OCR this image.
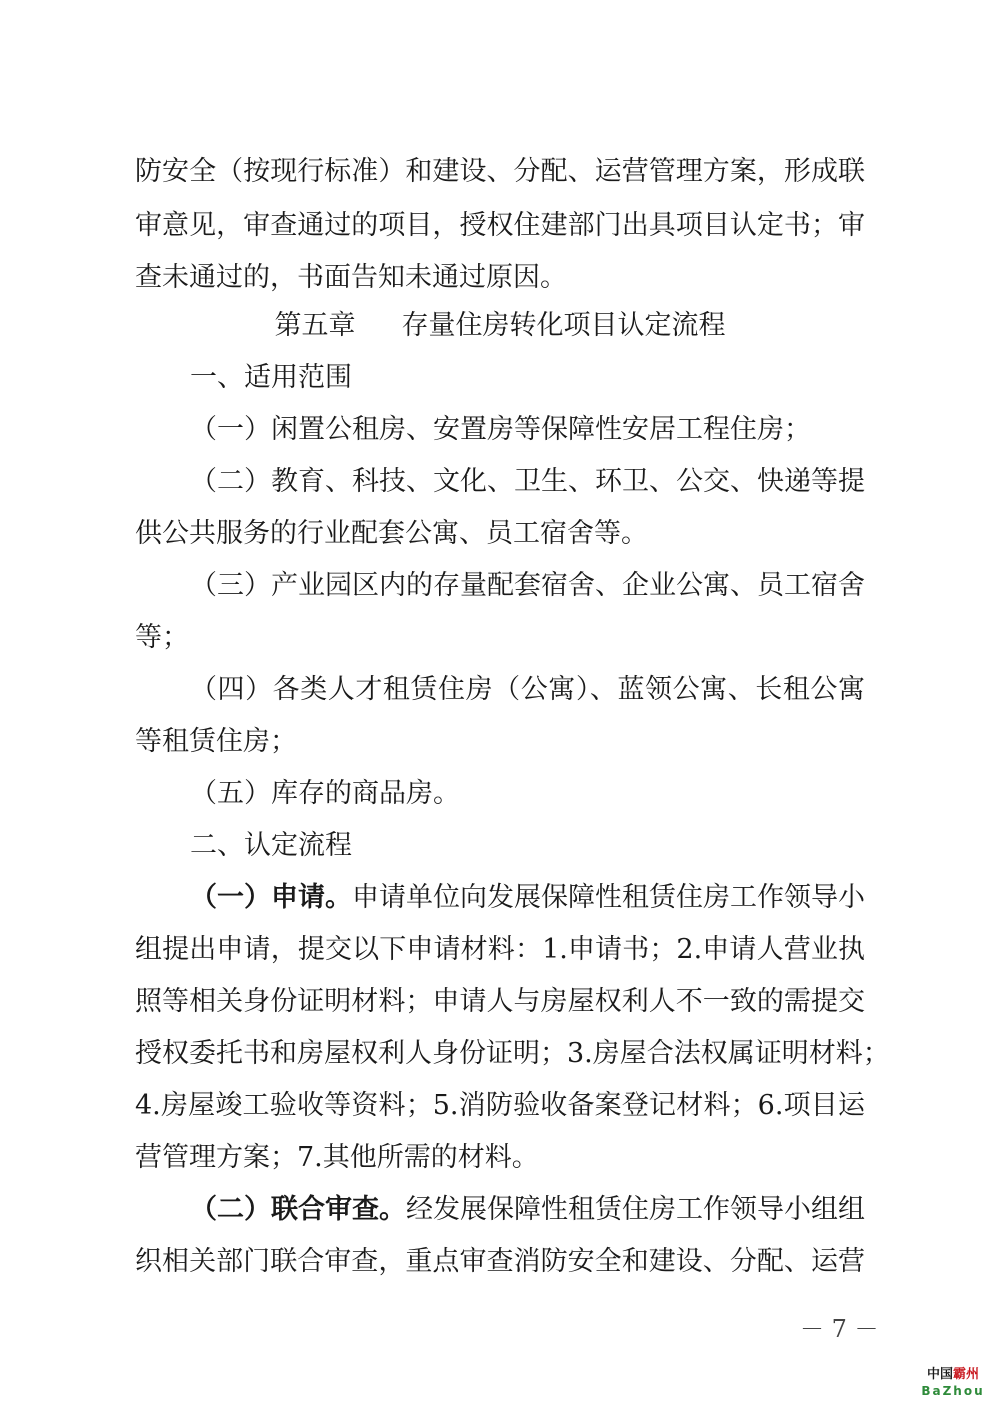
防安全（按现行标准）和建设、分配、运营管理方案，形成联
审意见，审查通过的项目，授权住建部门出具项目认定书；审
查未通过的，书面告知未通过原因。
第五章 存量住房转化项目认定流程
一、适用范围
（一）闲置公租房、安置房等保障性安居工程住房；
（二）教育、科技、文化、卫生、环卫、公交、快递等提
供公共服务的行业配套公寓、员工宿舍等。
（三）产业园区内的存量配套宿舍、企业公寓、员工宿舍
等；
（四）各类人才租赁住房（公寓）、蓝领公寓、长租公寓
等租赁住房；
（五）库存的商品房。
二、认定流程
（一）申请。申请单位向发展保障性租赁住房工作领导小
组提出申请，提交以下申请材料：1.申请书；2.申请人营业执
照等相关身份证明材料；申请人与房屋权利人不一致的需提交
授权委托书和房屋权利人身份证明；3.房屋合法权属证明材料；
4.房屋竣工验收等资料；5.消防验收备案登记材料；6.项目运
营管理方案；7.其他所需的材料。
（二）联合审查。经发展保障性租赁住房工作领导小组组
织相关部门联合审查，重点审查消防安全和建设、分配、运营
－ 7 －
中国霸州
BaZhou
